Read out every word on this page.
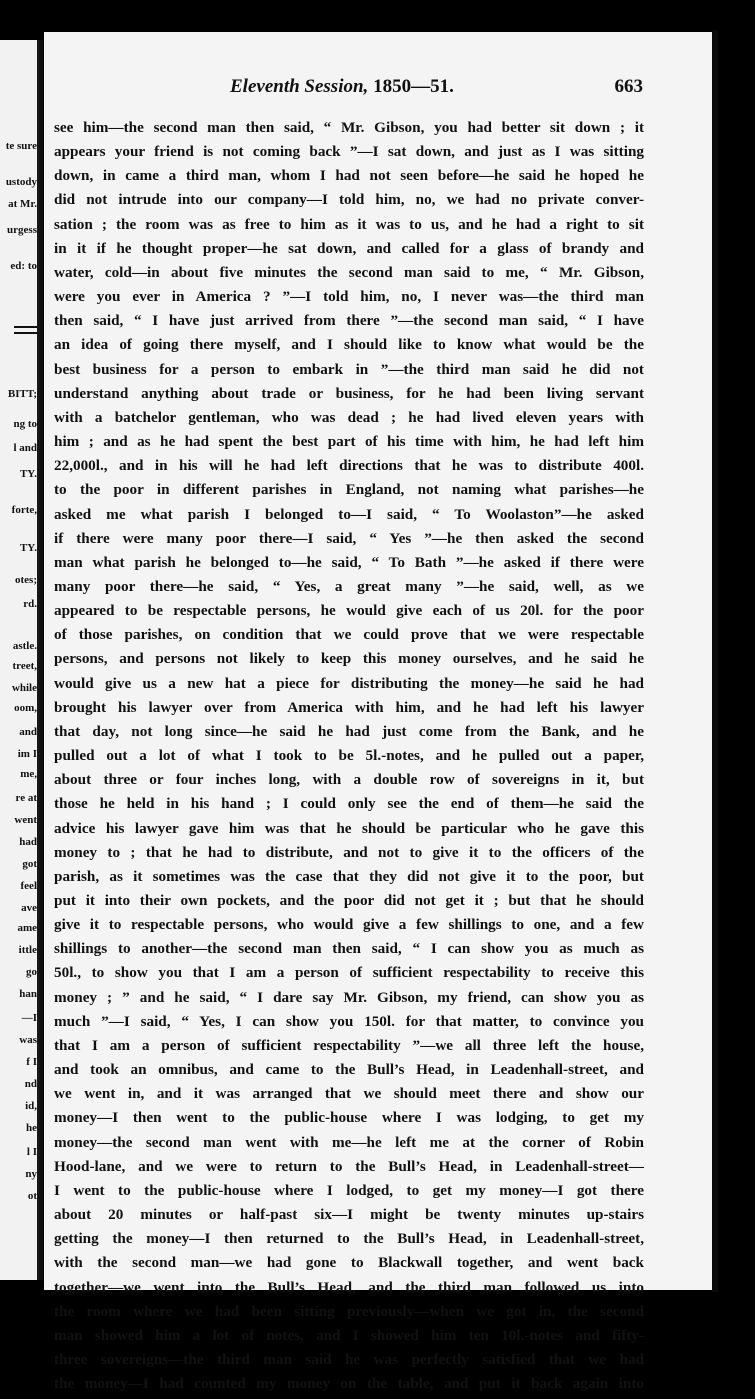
te sure
ustody
at Mr.
urgess
ed: to
BITT;
ng to
l and
TY.
forte,
TY.
otes;
rd.
astle.
treet,
while
oom,
and
im I
me,
re at
went
had
got
feel
ave
ame
ittle
go
han
—I
was
f I
nd
id,
he
l I
ny
ot
Eleventh Session, 1850—51.	663
see him—the second man then said, “ Mr. Gibson, you had better sit down ; it
appears your friend is not coming back ”—I sat down, and just as I was sitting
down, in came a third man, whom I had not seen before—he said he hoped he
did not intrude into our company—I told him, no, we had no private conver-
sation ; the room was as free to him as it was to us, and he had a right to sit
in it if he thought proper—he sat down, and called for a glass of brandy and
water, cold—in about five minutes the second man said to me, “ Mr. Gibson,
were you ever in America ? ”—I told him, no, I never was—the third man
then said, “ I have just arrived from there ”—the second man said, “ I have
an idea of going there myself, and I should like to know what would be the
best business for a person to embark in ”—the third man said he did not
understand anything about trade or business, for he had been living servant
with a batchelor gentleman, who was dead ; he had lived eleven years with
him ; and as he had spent the best part of his time with him, he had left him
22,000l., and in his will he had left directions that he was to distribute 400l.
to the poor in different parishes in England, not naming what parishes—he
asked me what parish I belonged to—I said, “ To Woolaston”—he asked
if there were many poor there—I said, “ Yes ”—he then asked the second
man what parish he belonged to—he said, “ To Bath ”—he asked if there were
many poor there—he said, “ Yes, a great many ”—he said, well, as we
appeared to be respectable persons, he would give each of us 20l. for the poor
of those parishes, on condition that we could prove that we were respectable
persons, and persons not likely to keep this money ourselves, and he said he
would give us a new hat a piece for distributing the money—he said he had
brought his lawyer over from America with him, and he had left his lawyer
that day, not long since—he said he had just come from the Bank, and he
pulled out a lot of what I took to be 5l.-notes, and he pulled out a paper,
about three or four inches long, with a double row of sovereigns in it, but
those he held in his hand ; I could only see the end of them—he said the
advice his lawyer gave him was that he should be particular who he gave this
money to ; that he had to distribute, and not to give it to the officers of the
parish, as it sometimes was the case that they did not give it to the poor, but
put it into their own pockets, and the poor did not get it ; but that he should
give it to respectable persons, who would give a few shillings to one, and a few
shillings to another—the second man then said, “ I can show you as much as
50l., to show you that I am a person of sufficient respectability to receive this
money ; ” and he said, “ I dare say Mr. Gibson, my friend, can show you as
much ”—I said, “ Yes, I can show you 150l. for that matter, to convince you
that I am a person of sufficient respectability ”—we all three left the house,
and took an omnibus, and came to the Bull’s Head, in Leadenhall-street, and
we went in, and it was arranged that we should meet there and show our
money—I then went to the public-house where I was lodging, to get my
money—the second man went with me—he left me at the corner of Robin
Hood-lane, and we were to return to the Bull’s Head, in Leadenhall-street—
I went to the public-house where I lodged, to get my money—I got there
about 20 minutes or half-past six—I might be twenty minutes up-stairs
getting the money—I then returned to the Bull’s Head, in Leadenhall-street,
with the second man—we had gone to Blackwall together, and went back
together—we went into the Bull’s Head, and the third man followed us into
the room where we had been sitting previously—when we got in, the second
man showed him a lot of notes, and I showed him ten 10l.-notes and fifty-
three sovereigns—the third man said he was perfectly satisfied that we had
the money—I had counted my money on the table, and put it back again into
